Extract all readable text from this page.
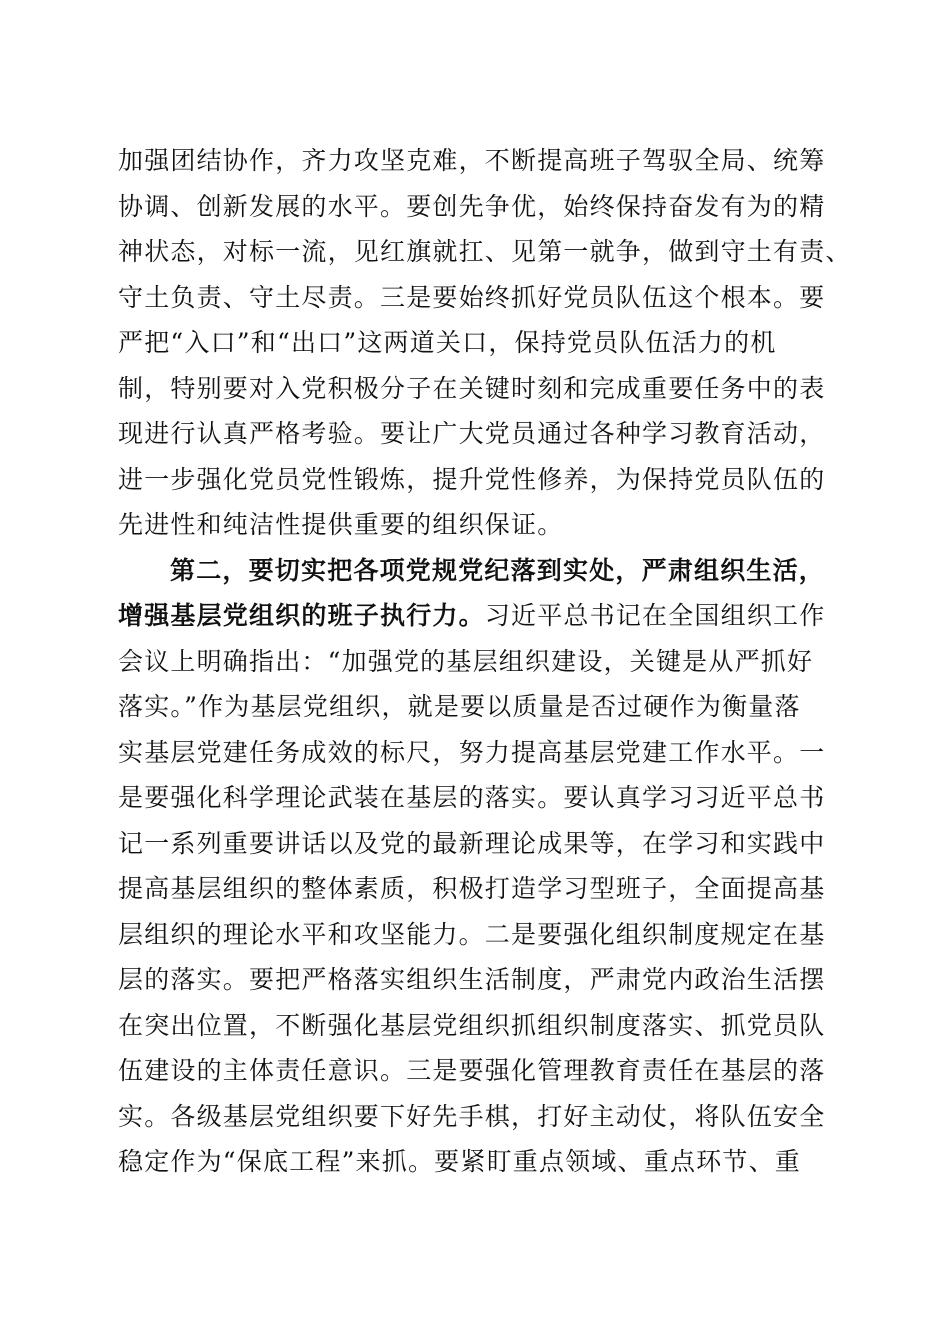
加强团结协作，齐力攻坚克难，不断提高班子驾驭全局、统筹
协调、创新发展的水平。要创先争优，始终保持奋发有为的精
神状态，对标一流，见红旗就扛、见第一就争，做到守土有责、
守土负责、守土尽责。三是要始终抓好党员队伍这个根本。要
严把“入口”和“出口”这两道关口，保持党员队伍活力的机
制，特别要对入党积极分子在关键时刻和完成重要任务中的表
现进行认真严格考验。要让广大党员通过各种学习教育活动，
进一步强化党员党性锻炼，提升党性修养，为保持党员队伍的
先进性和纯洁性提供重要的组织保证。
第二，要切实把各项党规党纪落到实处，严肃组织生活，
增强基层党组织的班子执行力。习近平总书记在全国组织工作
会议上明确指出：“加强党的基层组织建设，关键是从严抓好
落实。”作为基层党组织，就是要以质量是否过硬作为衡量落
实基层党建任务成效的标尺，努力提高基层党建工作水平。一
是要强化科学理论武装在基层的落实。要认真学习习近平总书
记一系列重要讲话以及党的最新理论成果等，在学习和实践中
提高基层组织的整体素质，积极打造学习型班子，全面提高基
层组织的理论水平和攻坚能力。二是要强化组织制度规定在基
层的落实。要把严格落实组织生活制度，严肃党内政治生活摆
在突出位置，不断强化基层党组织抓组织制度落实、抓党员队
伍建设的主体责任意识。三是要强化管理教育责任在基层的落
实。各级基层党组织要下好先手棋，打好主动仗，将队伍安全
稳定作为“保底工程”来抓。要紧盯重点领域、重点环节、重
